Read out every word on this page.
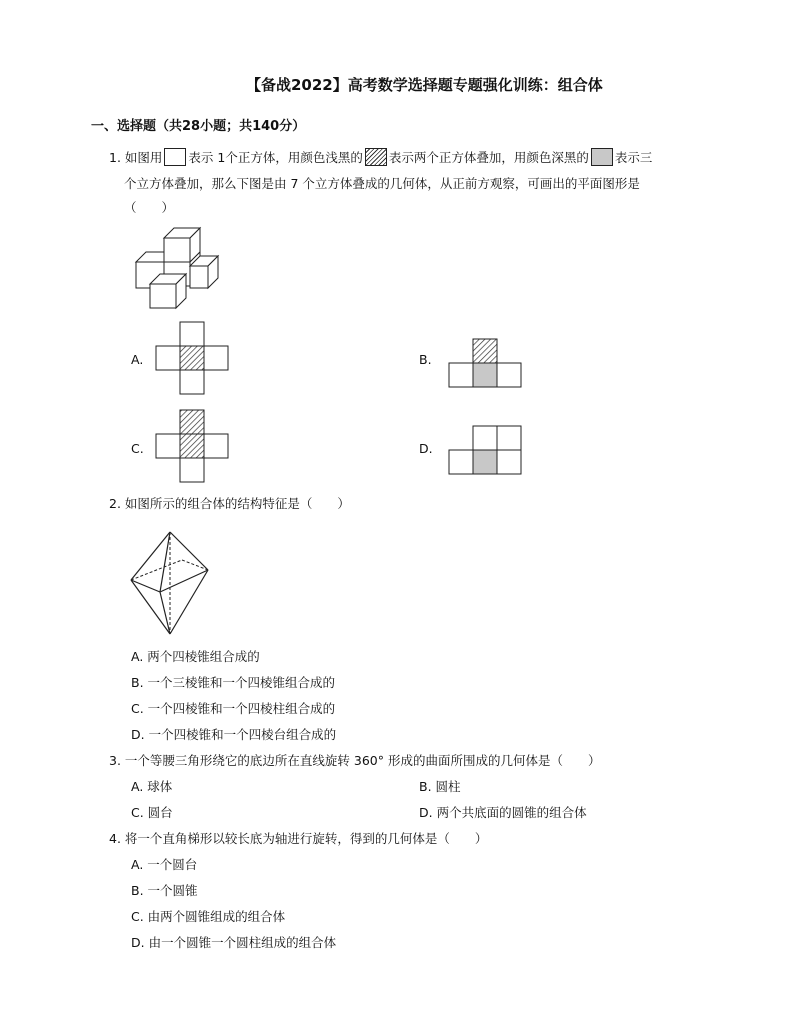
【备战2022】高考数学选择题专题强化训练：组合体
一、选择题（共28小题；共140分）
1. 如图用 表示 1个正方体，用颜色浅黑的 表示两个正方体叠加，用颜色深黑的 表示三
个立方体叠加，那么下图是由 7 个立方体叠成的几何体，从正前方观察，可画出的平面图形是
（　　）
A.	B.
C.	D.
2. 如图所示的组合体的结构特征是（　　）
A. 两个四棱锥组合成的
B. 一个三棱锥和一个四棱锥组合成的
C. 一个四棱锥和一个四棱柱组合成的
D. 一个四棱锥和一个四棱台组合成的
3. 一个等腰三角形绕它的底边所在直线旋转 360° 形成的曲面所围成的几何体是（　　）
A. 球体	B. 圆柱
C. 圆台	D. 两个共底面的圆锥的组合体
4. 将一个直角梯形以较长底为轴进行旋转，得到的几何体是（　　）
A. 一个圆台
B. 一个圆锥
C. 由两个圆锥组成的组合体
D. 由一个圆锥一个圆柱组成的组合体
